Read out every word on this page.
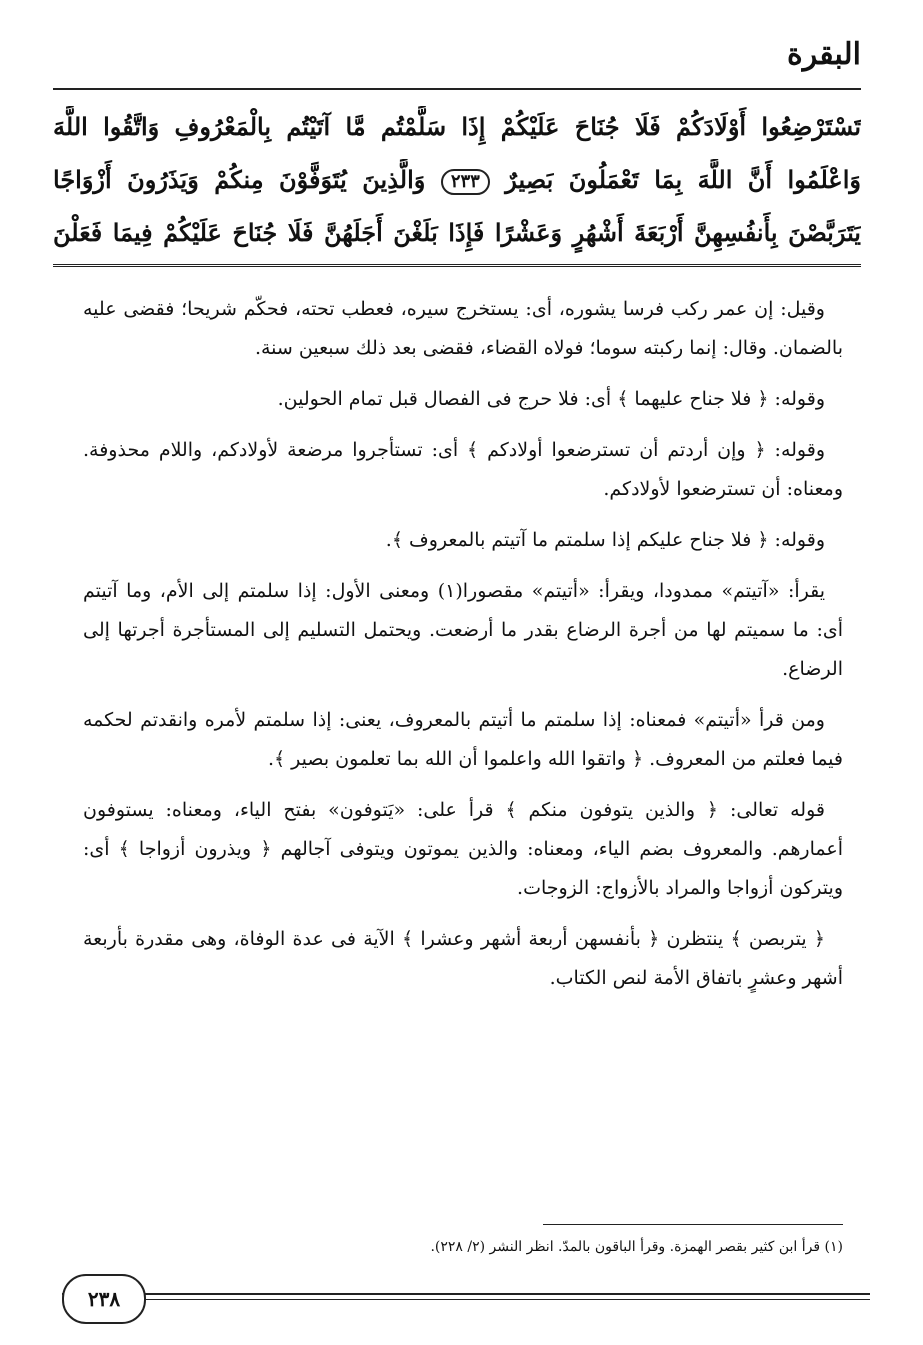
البقرة
تَسْتَرْضِعُوا أَوْلَادَكُمْ فَلَا جُنَاحَ عَلَيْكُمْ إِذَا سَلَّمْتُم مَّا آتَيْتُم بِالْمَعْرُوفِ وَاتَّقُوا اللَّهَ
وَاعْلَمُوا أَنَّ اللَّهَ بِمَا تَعْمَلُونَ بَصِيرٌ ٢٣٣ وَالَّذِينَ يُتَوَفَّوْنَ مِنكُمْ وَيَذَرُونَ أَزْوَاجًا
يَتَرَبَّصْنَ بِأَنفُسِهِنَّ أَرْبَعَةَ أَشْهُرٍ وَعَشْرًا فَإِذَا بَلَغْنَ أَجَلَهُنَّ فَلَا جُنَاحَ عَلَيْكُمْ فِيمَا فَعَلْنَ

وقيل: إن عمر ركب فرسا يشوره، أى: يستخرج سيره، فعطب تحته، فحكّم شريحا؛ فقضى عليه بالضمان. وقال: إنما ركبته سوما؛ فولاه القضاء، فقضى بعد ذلك سبعين سنة.

وقوله: ﴿ فلا جناح عليهما ﴾ أى: فلا حرج فى الفصال قبل تمام الحولين.

وقوله: ﴿ وإن أردتم أن تسترضعوا أولادكم ﴾ أى: تستأجروا مرضعة لأولادكم، واللام محذوفة. ومعناه: أن تسترضعوا لأولادكم.

وقوله: ﴿ فلا جناح عليكم إذا سلمتم ما آتيتم بالمعروف ﴾.

يقرأ: «آتيتم» ممدودا، ويقرأ: «أتيتم» مقصورا(١) ومعنى الأول: إذا سلمتم إلى الأم، وما آتيتم أى: ما سميتم لها من أجرة الرضاع بقدر ما أرضعت. ويحتمل التسليم إلى المستأجرة أجرتها إلى الرضاع.

ومن قرأ «أتيتم» فمعناه: إذا سلمتم ما أتيتم بالمعروف، يعنى: إذا سلمتم لأمره وانقدتم لحكمه فيما فعلتم من المعروف. ﴿ واتقوا الله واعلموا أن الله بما تعلمون بصير ﴾.

قوله تعالى: ﴿ والذين يتوفون منكم ﴾ قرأ على: «يَتوفون» بفتح الياء، ومعناه: يستوفون أعمارهم. والمعروف بضم الياء، ومعناه: والذين يموتون ويتوفى آجالهم ﴿ ويذرون أزواجا ﴾ أى: ويتركون أزواجا والمراد بالأزواج: الزوجات.

﴿ يتربصن ﴾ ينتظرن ﴿ بأنفسهن أربعة أشهر وعشرا ﴾ الآية فى عدة الوفاة، وهى مقدرة بأربعة أشهر وعشرٍ باتفاق الأمة لنص الكتاب.

(١) قرأ ابن كثير بقصر الهمزة. وقرأ الباقون بالمدّ. انظر النشر (٢/ ٢٢٨).
٢٣٨
